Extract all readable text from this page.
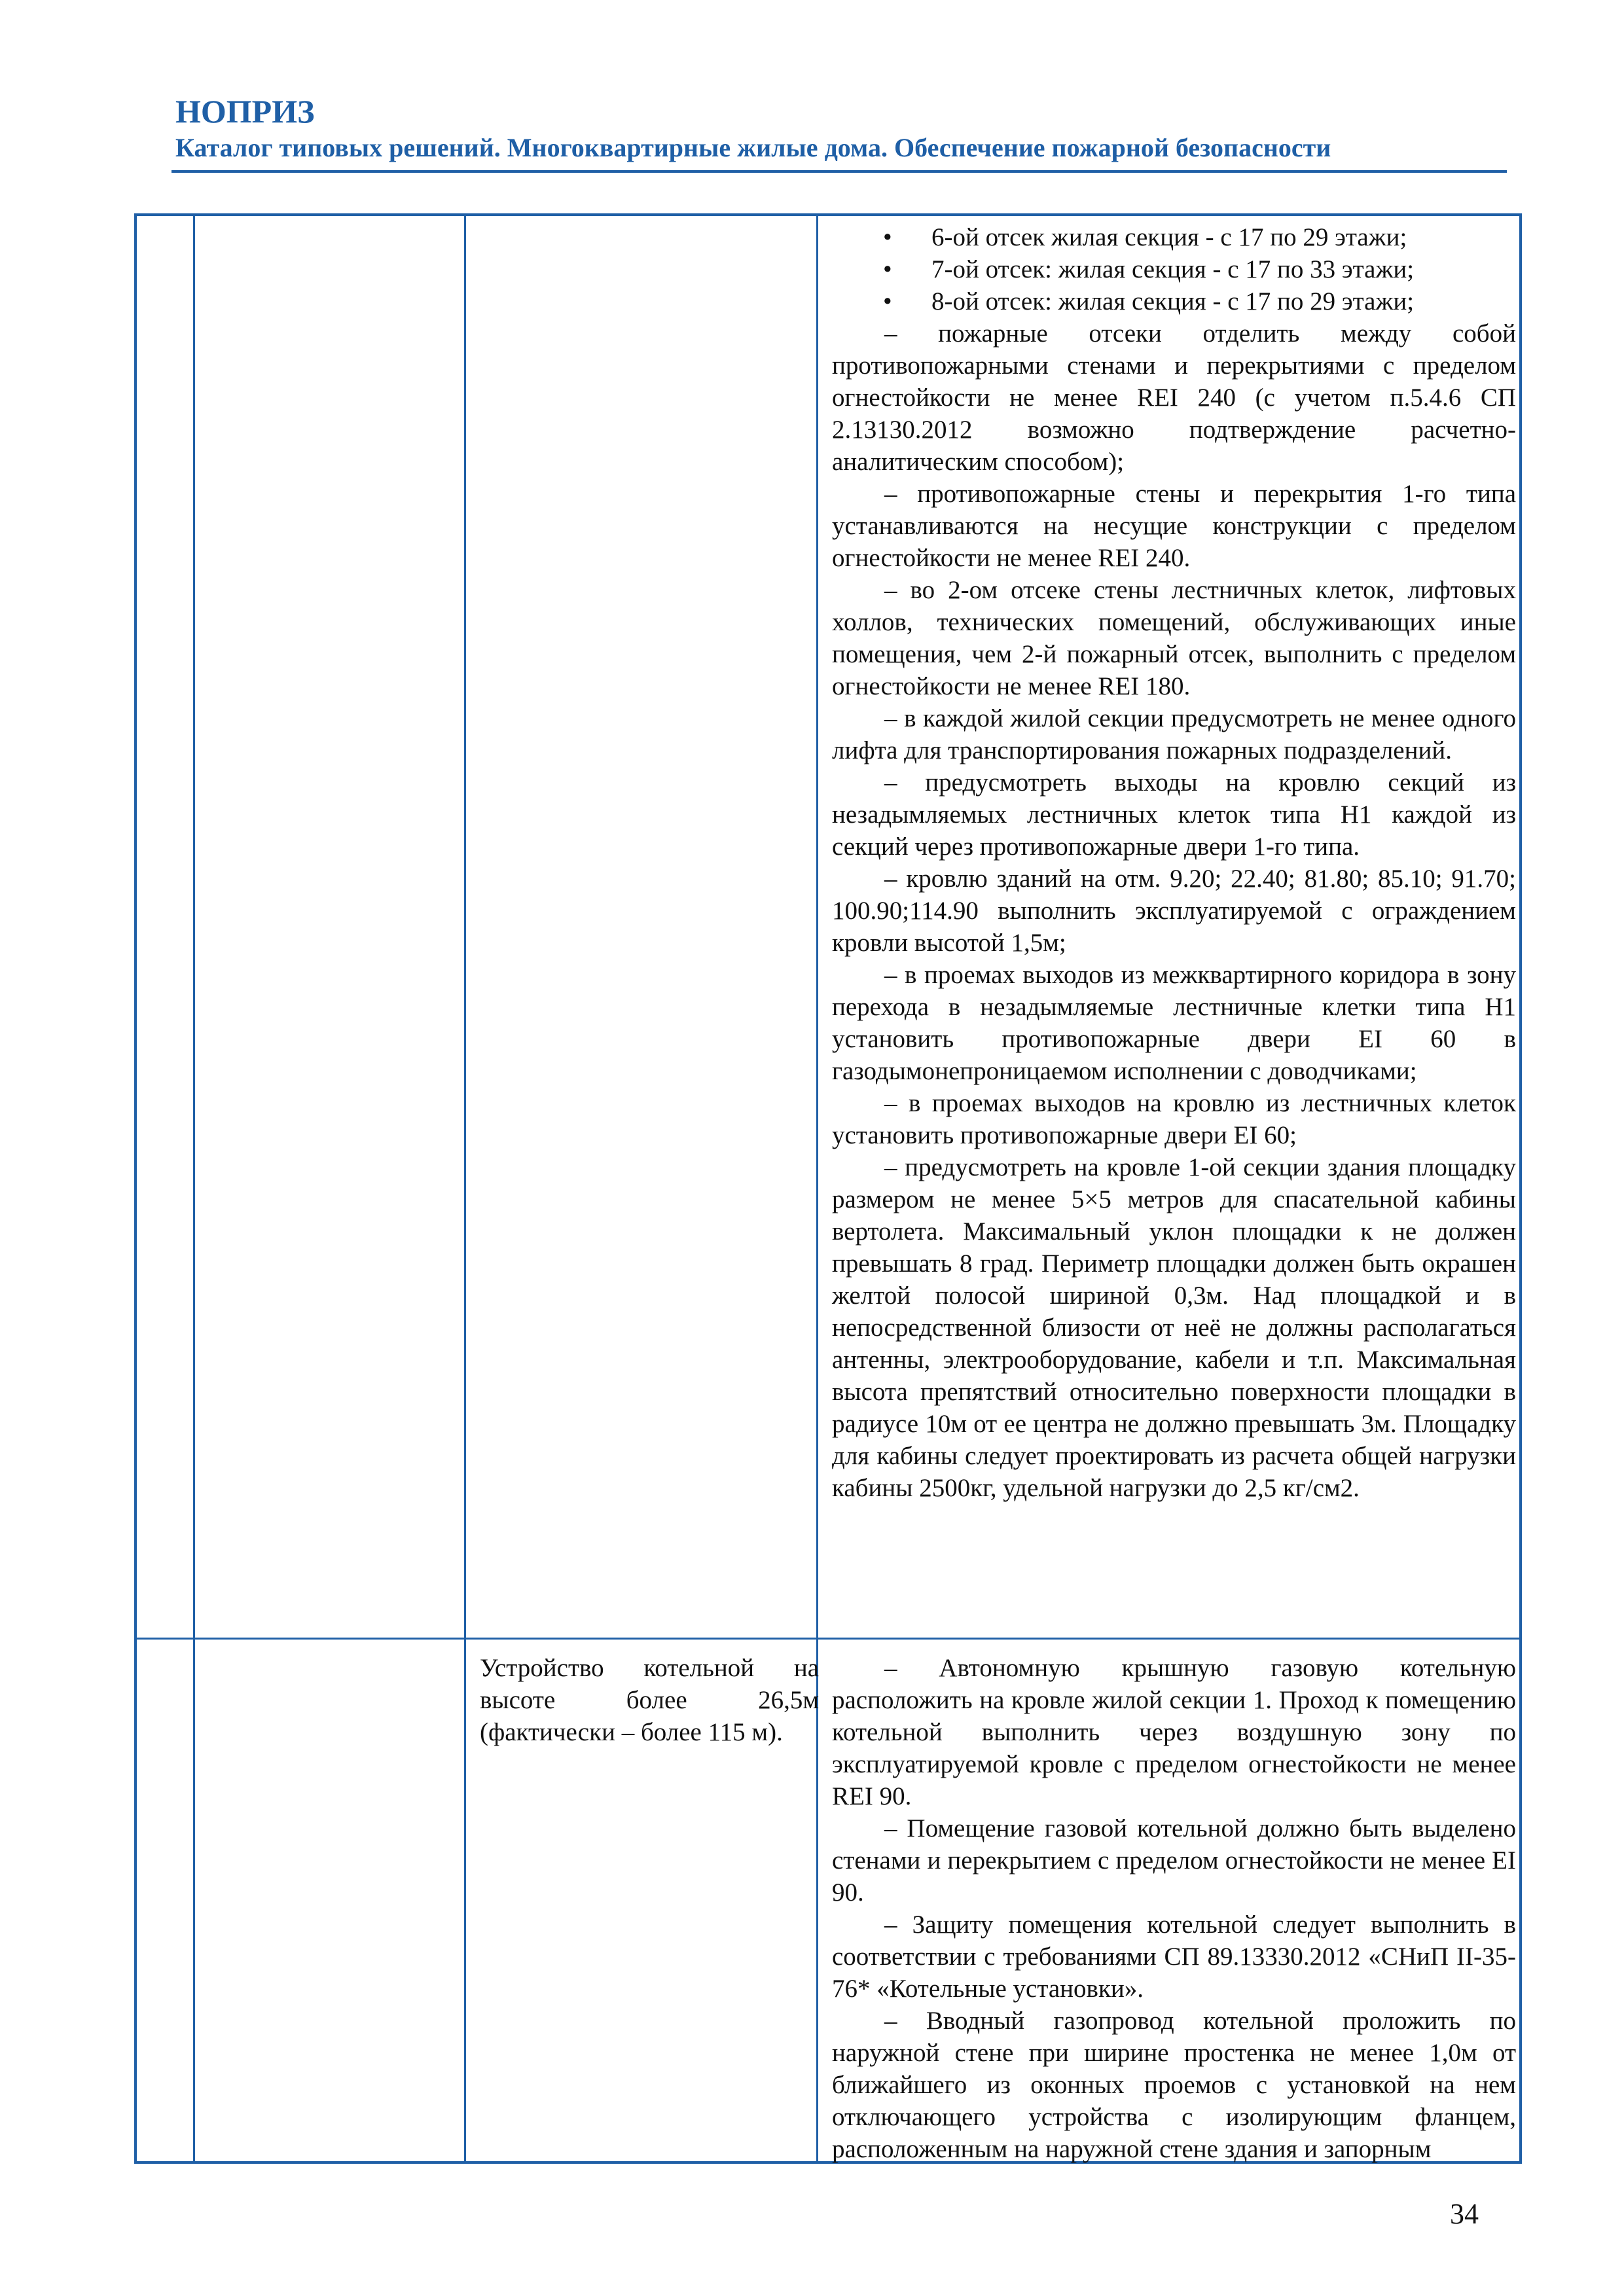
НОПРИЗ
Каталог типовых решений. Многоквартирные жилые дома. Обеспечение пожарной безопасности

• 6-ой отсек жилая секция - с 17 по 29 этажи;

• 7-ой отсек: жилая секция - с 17 по 33 этажи;

• 8-ой отсек: жилая секция - с 17 по 29 этажи;

– пожарные отсеки отделить между собой противопожарными стенами и перекрытиями с пределом огнестойкости не менее REI 240 (с учетом п.5.4.6 СП 2.13130.2012 возможно подтверждение расчетно-аналитическим способом);

– противопожарные стены и перекрытия 1-го типа устанавливаются на несущие конструкции с пределом огнестойкости не менее REI 240.

– во 2-ом отсеке стены лестничных клеток, лифтовых холлов, технических помещений, обслуживающих иные помещения, чем 2-й пожарный отсек, выполнить с пределом огнестойкости не менее REI 180.

– в каждой жилой секции предусмотреть не менее одного лифта для транспортирования пожарных подразделений.

– предусмотреть выходы на кровлю секций из незадымляемых лестничных клеток типа Н1 каждой из секций через противопожарные двери 1-го типа.

– кровлю зданий на отм. 9.20; 22.40; 81.80; 85.10; 91.70; 100.90;114.90 выполнить эксплуатируемой с ограждением кровли высотой 1,5м;

– в проемах выходов из межквартирного коридора в зону перехода в незадымляемые лестничные клетки типа Н1 установить противопожарные двери EI 60 в газодымонепроницаемом исполнении с доводчиками;

– в проемах выходов на кровлю из лестничных клеток установить противопожарные двери EI 60;

– предусмотреть на кровле 1-ой секции здания площадку размером не менее 5×5 метров для спасательной кабины вертолета. Максимальный уклон площадки к не должен превышать 8 град. Периметр площадки должен быть окрашен желтой полосой шириной 0,3м. Над площадкой и в непосредственной близости от неё не должны располагаться антенны, электрооборудование, кабели и т.п. Максимальная высота препятствий относительно поверхности площадки в радиусе 10м от ее центра не должно превышать 3м. Площадку для кабины следует проектировать из расчета общей нагрузки кабины 2500кг, удельной нагрузки до 2,5 кг/см2.

Устройство котельной на высоте более 26,5м (фактически – более 115 м).

– Автономную крышную газовую котельную расположить на кровле жилой секции 1. Проход к помещению котельной выполнить через воздушную зону по эксплуатируемой кровле с пределом огнестойкости не менее REI 90.

– Помещение газовой котельной должно быть выделено стенами и перекрытием с пределом огнестойкости не менее EI 90.

– Защиту помещения котельной следует выполнить в соответствии с требованиями СП 89.13330.2012 «СНиП II-35-76* «Котельные установки».

– Вводный газопровод котельной проложить по наружной стене при ширине простенка не менее 1,0м от ближайшего из оконных проемов с установкой на нем отключающего устройства с изолирующим фланцем, расположенным на наружной стене здания и запорным

34
